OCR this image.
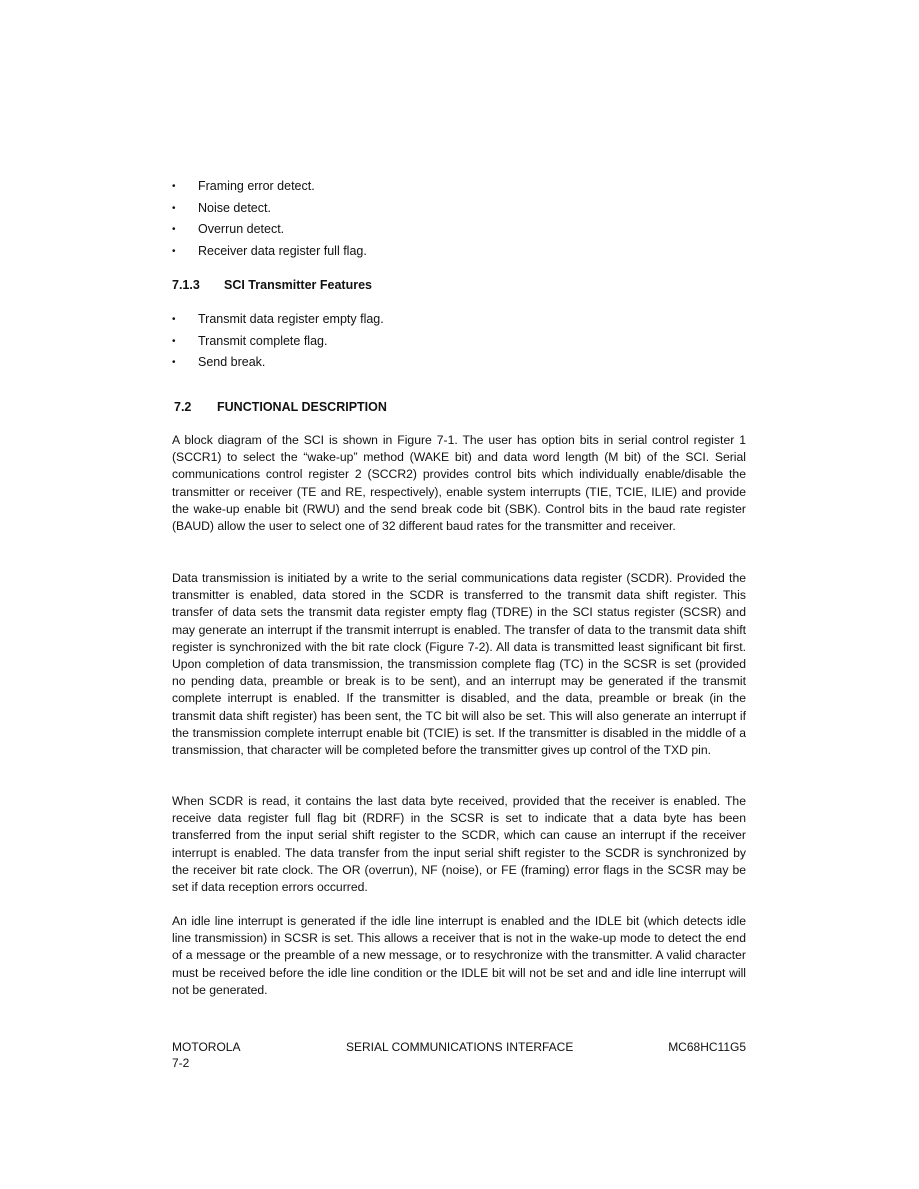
•	Framing error detect.
•	Noise detect.
•	Overrun detect.
•	Receiver data register full flag.
7.1.3 SCI Transmitter Features
•	Transmit data register empty flag.
•	Transmit complete flag.
•	Send break.
7.2 FUNCTIONAL DESCRIPTION

A block diagram of the SCI is shown in Figure 7-1. The user has option bits in serial control register 1 (SCCR1) to select the “wake-up” method (WAKE bit) and data word length (M bit) of the SCI. Serial communications control register 2 (SCCR2) provides control bits which individually enable/disable the transmitter or receiver (TE and RE, respectively), enable system interrupts (TIE, TCIE, ILIE) and provide the wake-up enable bit (RWU) and the send break code bit (SBK). Control bits in the baud rate register (BAUD) allow the user to select one of 32 different baud rates for the transmitter and receiver.

Data transmission is initiated by a write to the serial communications data register (SCDR). Provided the transmitter is enabled, data stored in the SCDR is transferred to the transmit data shift register. This transfer of data sets the transmit data register empty flag (TDRE) in the SCI status register (SCSR) and may generate an interrupt if the transmit interrupt is enabled. The transfer of data to the transmit data shift register is synchronized with the bit rate clock (Figure 7-2). All data is transmitted least significant bit first. Upon completion of data transmission, the transmission complete flag (TC) in the SCSR is set (provided no pending data, preamble or break is to be sent), and an interrupt may be generated if the transmit complete interrupt is enabled. If the transmitter is disabled, and the data, preamble or break (in the transmit data shift register) has been sent, the TC bit will also be set. This will also generate an interrupt if the transmission complete interrupt enable bit (TCIE) is set. If the transmitter is disabled in the middle of a transmission, that character will be completed before the transmitter gives up control of the TXD pin.

When SCDR is read, it contains the last data byte received, provided that the receiver is enabled. The receive data register full flag bit (RDRF) in the SCSR is set to indicate that a data byte has been transferred from the input serial shift register to the SCDR, which can cause an interrupt if the receiver interrupt is enabled. The data transfer from the input serial shift register to the SCDR is synchronized by the receiver bit rate clock. The OR (overrun), NF (noise), or FE (framing) error flags in the SCSR may be set if data reception errors occurred.

An idle line interrupt is generated if the idle line interrupt is enabled and the IDLE bit (which detects idle line transmission) in SCSR is set. This allows a receiver that is not in the wake-up mode to detect the end of a message or the preamble of a new message, or to resychronize with the transmitter. A valid character must be received before the idle line condition or the IDLE bit will not be set and and idle line interrupt will not be generated.

MOTOROLA	SERIAL COMMUNICATIONS INTERFACE	MC68HC11G5
7-2
